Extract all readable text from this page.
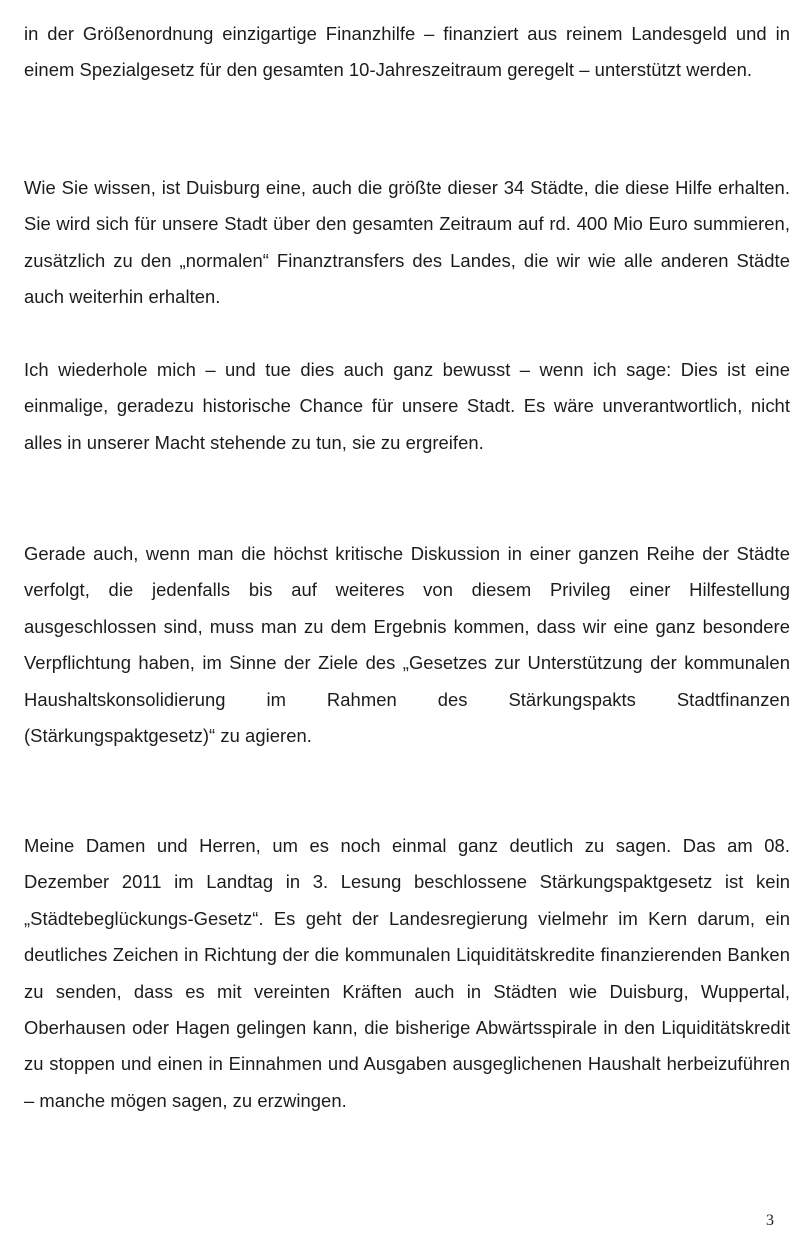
in der Größenordnung einzigartige Finanzhilfe – finanziert aus reinem Landesgeld und in einem Spezialgesetz für den gesamten 10-Jahreszeitraum geregelt – unterstützt werden.

Wie Sie wissen, ist Duisburg eine, auch die größte dieser 34 Städte, die diese Hilfe erhalten. Sie wird sich für unsere Stadt über den gesamten Zeitraum auf rd. 400 Mio Euro summieren, zusätzlich zu den „normalen“ Finanztransfers des Landes, die wir wie alle anderen Städte auch weiterhin erhalten.

Ich wiederhole mich – und tue dies auch ganz bewusst – wenn ich sage: Dies ist eine einmalige, geradezu historische Chance für unsere Stadt. Es wäre unverantwortlich, nicht alles in unserer Macht stehende zu tun, sie zu ergreifen.

Gerade auch, wenn man die höchst kritische Diskussion in einer ganzen Reihe der Städte verfolgt, die jedenfalls bis auf weiteres von diesem Privileg einer Hilfestellung ausgeschlossen sind, muss man zu dem Ergebnis kommen, dass wir eine ganz besondere Verpflichtung haben, im Sinne der Ziele des „Gesetzes zur Unterstützung der kommunalen Haushaltskonsolidierung im Rahmen des Stärkungspakts Stadtfinanzen (Stärkungspaktgesetz)“ zu agieren.

Meine Damen und Herren, um es noch einmal ganz deutlich zu sagen. Das am 08. Dezember 2011 im Landtag in 3. Lesung beschlossene Stärkungspaktgesetz ist kein „Städtebeglückungs-Gesetz“. Es geht der Landesregierung vielmehr im Kern darum, ein deutliches Zeichen in Richtung der die kommunalen Liquiditätskredite finanzierenden Banken zu senden, dass es mit vereinten Kräften auch in Städten wie Duisburg, Wuppertal, Oberhausen oder Hagen gelingen kann, die bisherige Abwärtsspirale in den Liquiditätskredit zu stoppen und einen in Einnahmen und Ausgaben ausgeglichenen Haushalt herbeizuführen – manche mögen sagen, zu erzwingen.

3
